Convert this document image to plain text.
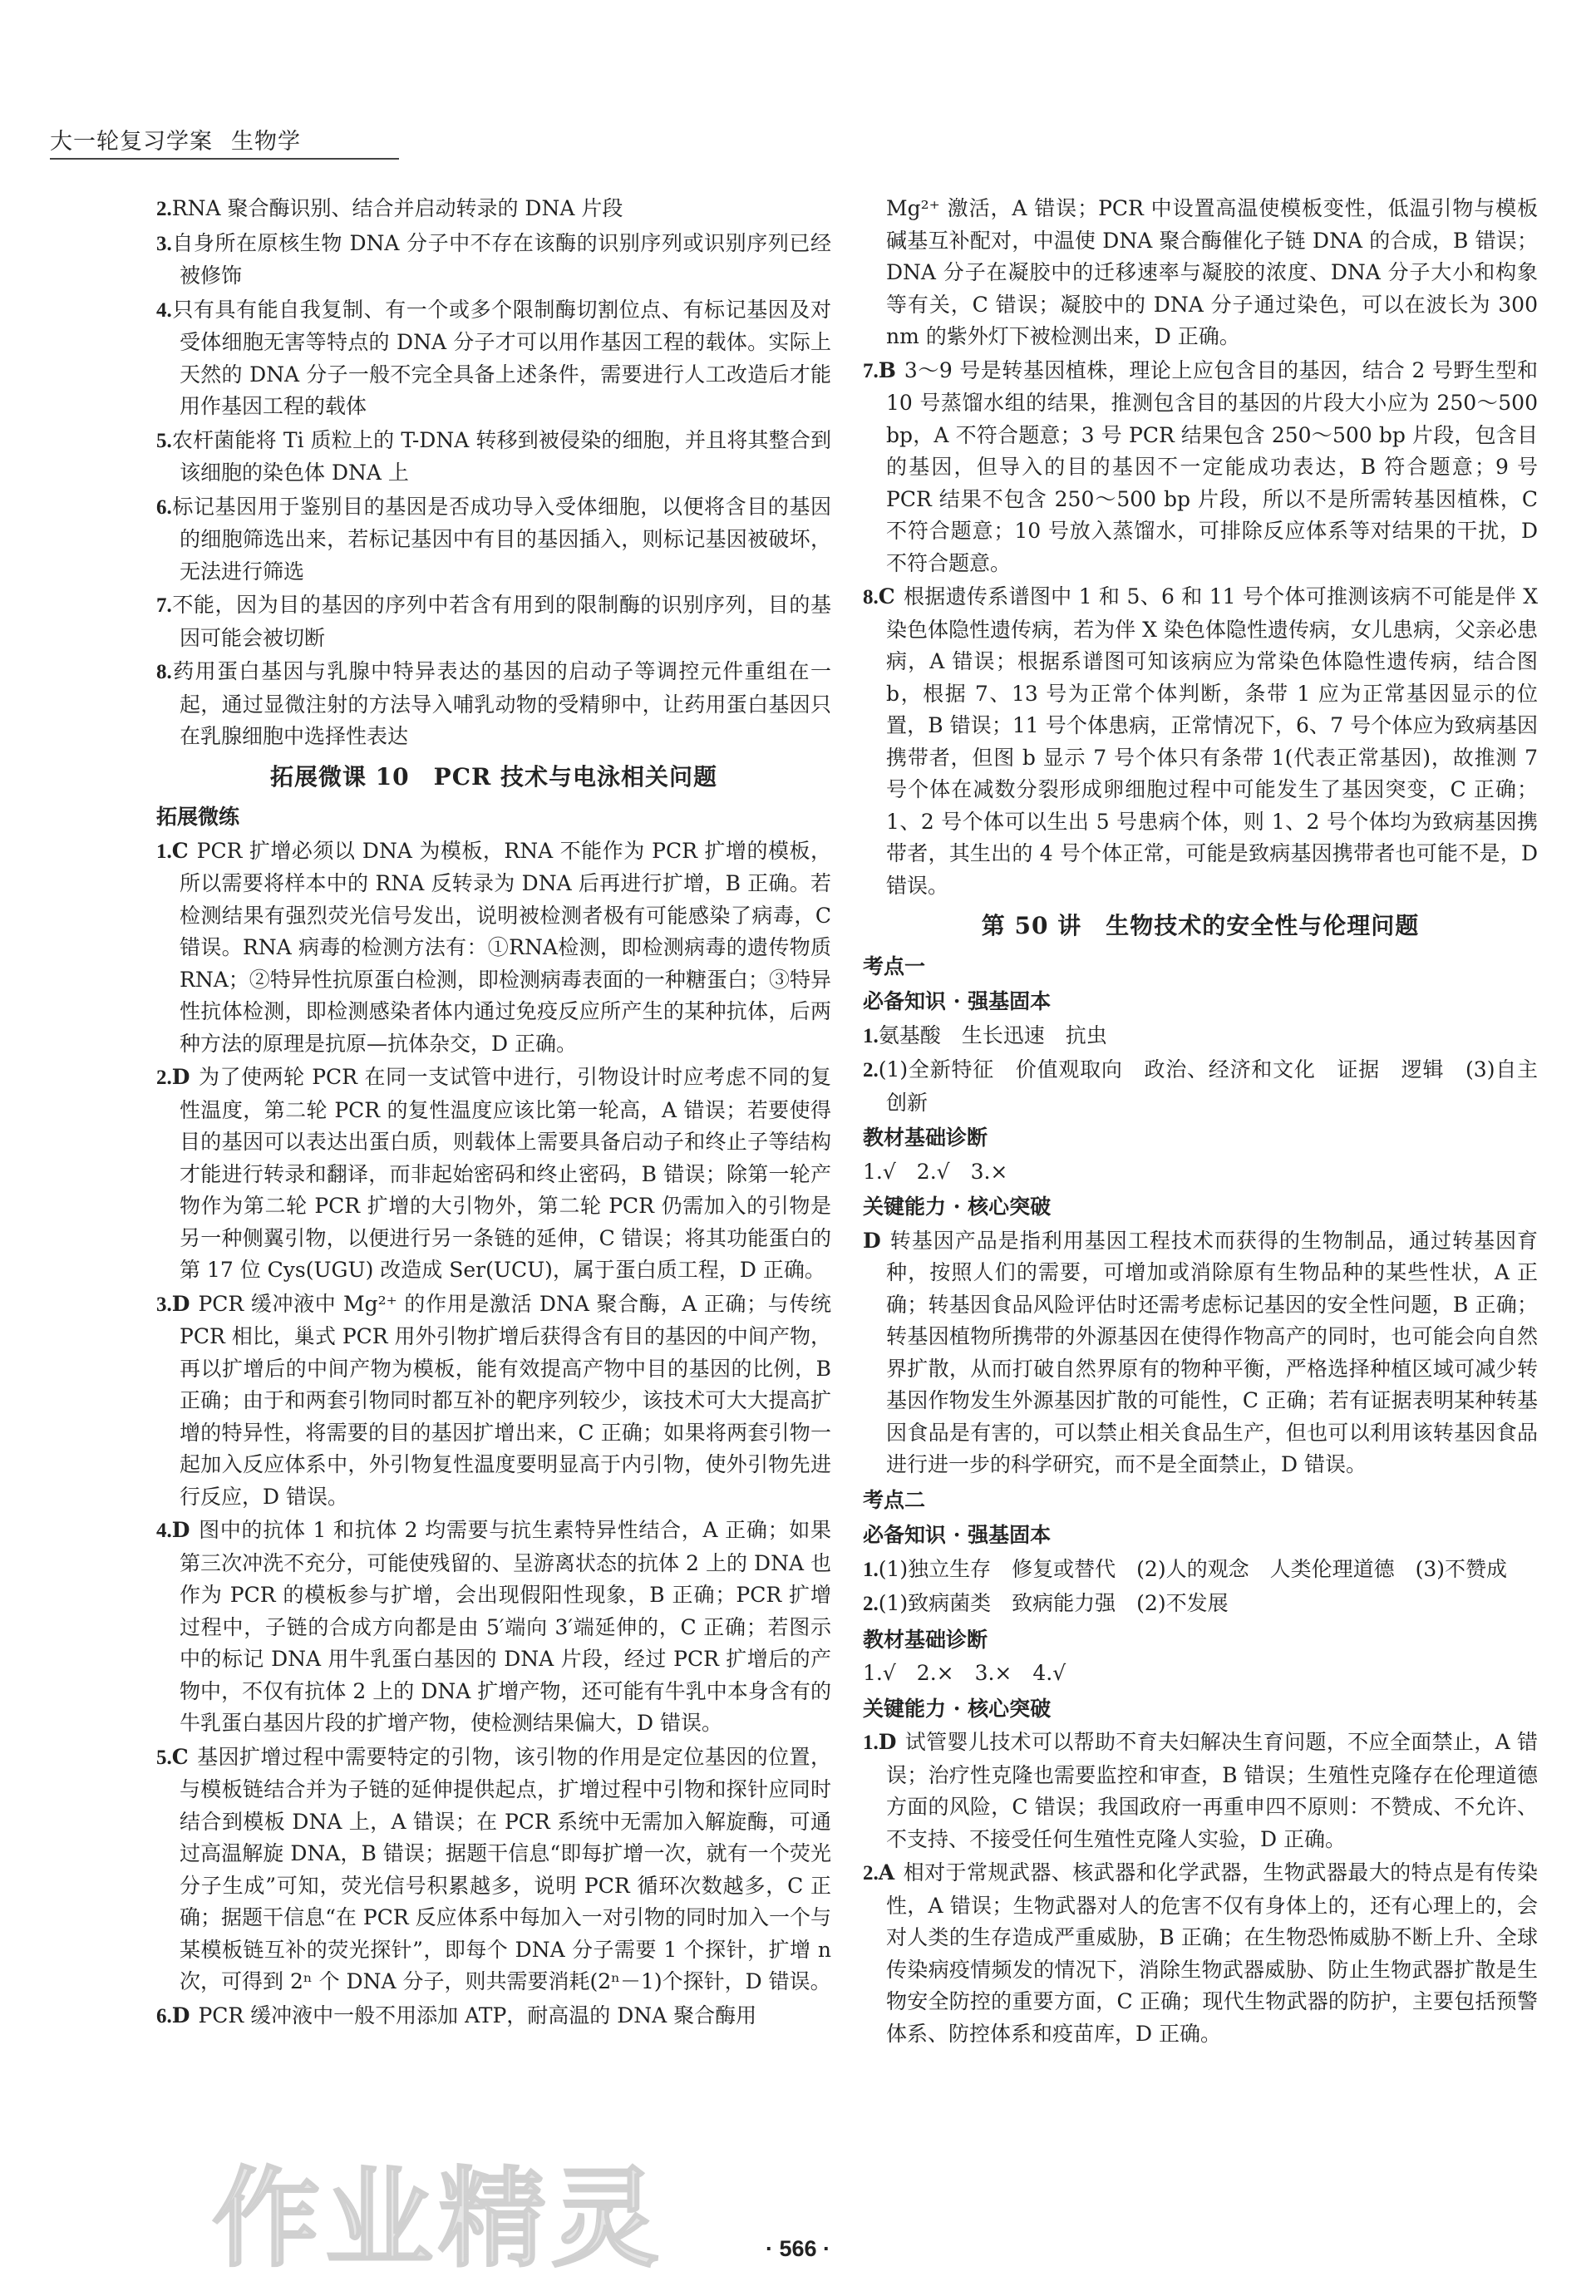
大一轮复习学案 生物学
2.RNA 聚合酶识别、结合并启动转录的 DNA 片段
3.自身所在原核生物 DNA 分子中不存在该酶的识别序列或识别序列已经被修饰
4.只有具有能自我复制、有一个或多个限制酶切割位点、有标记基因及对受体细胞无害等特点的 DNA 分子才可以用作基因工程的载体。实际上天然的 DNA 分子一般不完全具备上述条件，需要进行人工改造后才能用作基因工程的载体
5.农杆菌能将 Ti 质粒上的 T-DNA 转移到被侵染的细胞，并且将其整合到该细胞的染色体 DNA 上
6.标记基因用于鉴别目的基因是否成功导入受体细胞，以便将含目的基因的细胞筛选出来，若标记基因中有目的基因插入，则标记基因被破坏，无法进行筛选
7.不能，因为目的基因的序列中若含有用到的限制酶的识别序列，目的基因可能会被切断
8.药用蛋白基因与乳腺中特异表达的基因的启动子等调控元件重组在一起，通过显微注射的方法导入哺乳动物的受精卵中，让药用蛋白基因只在乳腺细胞中选择性表达
拓展微课 10　PCR 技术与电泳相关问题
拓展微练
1.C PCR 扩增必须以 DNA 为模板，RNA 不能作为 PCR 扩增的模板，所以需要将样本中的 RNA 反转录为 DNA 后再进行扩增，B 正确。若检测结果有强烈荧光信号发出，说明被检测者极有可能感染了病毒，C 错误。RNA 病毒的检测方法有：①RNA检测，即检测病毒的遗传物质 RNA；②特异性抗原蛋白检测，即检测病毒表面的一种糖蛋白；③特异性抗体检测，即检测感染者体内通过免疫反应所产生的某种抗体，后两种方法的原理是抗原—抗体杂交，D 正确。
2.D 为了使两轮 PCR 在同一支试管中进行，引物设计时应考虑不同的复性温度，第二轮 PCR 的复性温度应该比第一轮高，A 错误；若要使得目的基因可以表达出蛋白质，则载体上需要具备启动子和终止子等结构才能进行转录和翻译，而非起始密码和终止密码，B 错误；除第一轮产物作为第二轮 PCR 扩增的大引物外，第二轮 PCR 仍需加入的引物是另一种侧翼引物，以便进行另一条链的延伸，C 错误；将其功能蛋白的第 17 位 Cys(UGU) 改造成 Ser(UCU)，属于蛋白质工程，D 正确。
3.D PCR 缓冲液中 Mg²⁺ 的作用是激活 DNA 聚合酶，A 正确；与传统 PCR 相比，巢式 PCR 用外引物扩增后获得含有目的基因的中间产物，再以扩增后的中间产物为模板，能有效提高产物中目的基因的比例，B 正确；由于和两套引物同时都互补的靶序列较少，该技术可大大提高扩增的特异性，将需要的目的基因扩增出来，C 正确；如果将两套引物一起加入反应体系中，外引物复性温度要明显高于内引物，使外引物先进行反应，D 错误。
4.D 图中的抗体 1 和抗体 2 均需要与抗生素特异性结合，A 正确；如果第三次冲洗不充分，可能使残留的、呈游离状态的抗体 2 上的 DNA 也作为 PCR 的模板参与扩增，会出现假阳性现象，B 正确；PCR 扩增过程中，子链的合成方向都是由 5′端向 3′端延伸的，C 正确；若图示中的标记 DNA 用牛乳蛋白基因的 DNA 片段，经过 PCR 扩增后的产物中，不仅有抗体 2 上的 DNA 扩增产物，还可能有牛乳中本身含有的牛乳蛋白基因片段的扩增产物，使检测结果偏大，D 错误。
5.C 基因扩增过程中需要特定的引物，该引物的作用是定位基因的位置，与模板链结合并为子链的延伸提供起点，扩增过程中引物和探针应同时结合到模板 DNA 上，A 错误；在 PCR 系统中无需加入解旋酶，可通过高温解旋 DNA，B 错误；据题干信息“即每扩增一次，就有一个荧光分子生成”可知，荧光信号积累越多，说明 PCR 循环次数越多，C 正确；据题干信息“在 PCR 反应体系中每加入一对引物的同时加入一个与某模板链互补的荧光探针”，即每个 DNA 分子需要 1 个探针，扩增 n 次，可得到 2ⁿ 个 DNA 分子，则共需要消耗(2ⁿ－1)个探针，D 错误。
6.D PCR 缓冲液中一般不用添加 ATP，耐高温的 DNA 聚合酶用
Mg²⁺ 激活，A 错误；PCR 中设置高温使模板变性，低温引物与模板碱基互补配对，中温使 DNA 聚合酶催化子链 DNA 的合成，B 错误；DNA 分子在凝胶中的迁移速率与凝胶的浓度、DNA 分子大小和构象等有关，C 错误；凝胶中的 DNA 分子通过染色，可以在波长为 300 nm 的紫外灯下被检测出来，D 正确。
7.B 3～9 号是转基因植株，理论上应包含目的基因，结合 2 号野生型和 10 号蒸馏水组的结果，推测包含目的基因的片段大小应为 250～500 bp，A 不符合题意；3 号 PCR 结果包含 250～500 bp 片段，包含目的基因，但导入的目的基因不一定能成功表达，B 符合题意；9 号 PCR 结果不包含 250～500 bp 片段，所以不是所需转基因植株，C 不符合题意；10 号放入蒸馏水，可排除反应体系等对结果的干扰，D 不符合题意。
8.C 根据遗传系谱图中 1 和 5、6 和 11 号个体可推测该病不可能是伴 X 染色体隐性遗传病，若为伴 X 染色体隐性遗传病，女儿患病，父亲必患病，A 错误；根据系谱图可知该病应为常染色体隐性遗传病，结合图 b，根据 7、13 号为正常个体判断，条带 1 应为正常基因显示的位置，B 错误；11 号个体患病，正常情况下，6、7 号个体应为致病基因携带者，但图 b 显示 7 号个体只有条带 1(代表正常基因)，故推测 7 号个体在减数分裂形成卵细胞过程中可能发生了基因突变，C 正确；1、2 号个体可以生出 5 号患病个体，则 1、2 号个体均为致病基因携带者，其生出的 4 号个体正常，可能是致病基因携带者也可能不是，D 错误。
第 50 讲　生物技术的安全性与伦理问题
考点一
必备知识 · 强基固本
1.氨基酸　生长迅速　抗虫
2.(1)全新特征　价值观取向　政治、经济和文化　证据　逻辑　(3)自主创新
教材基础诊断
1.√　2.√　3.×
关键能力 · 核心突破
D 转基因产品是指利用基因工程技术而获得的生物制品，通过转基因育种，按照人们的需要，可增加或消除原有生物品种的某些性状，A 正确；转基因食品风险评估时还需考虑标记基因的安全性问题，B 正确；转基因植物所携带的外源基因在使得作物高产的同时，也可能会向自然界扩散，从而打破自然界原有的物种平衡，严格选择种植区域可减少转基因作物发生外源基因扩散的可能性，C 正确；若有证据表明某种转基因食品是有害的，可以禁止相关食品生产，但也可以利用该转基因食品进行进一步的科学研究，而不是全面禁止，D 错误。
考点二
必备知识 · 强基固本
1.(1)独立生存　修复或替代　(2)人的观念　人类伦理道德　(3)不赞成
2.(1)致病菌类　致病能力强　(2)不发展
教材基础诊断
1.√　2.×　3.×　4.√
关键能力 · 核心突破
1.D 试管婴儿技术可以帮助不育夫妇解决生育问题，不应全面禁止，A 错误；治疗性克隆也需要监控和审查，B 错误；生殖性克隆存在伦理道德方面的风险，C 错误；我国政府一再重申四不原则：不赞成、不允许、不支持、不接受任何生殖性克隆人实验，D 正确。
2.A 相对于常规武器、核武器和化学武器，生物武器最大的特点是有传染性，A 错误；生物武器对人的危害不仅有身体上的，还有心理上的，会对人类的生存造成严重威胁，B 正确；在生物恐怖威胁不断上升、全球传染病疫情频发的情况下，消除生物武器威胁、防止生物武器扩散是生物安全防控的重要方面，C 正确；现代生物武器的防护，主要包括预警体系、防控体系和疫苗库，D 正确。
作业精灵	· 566 ·
